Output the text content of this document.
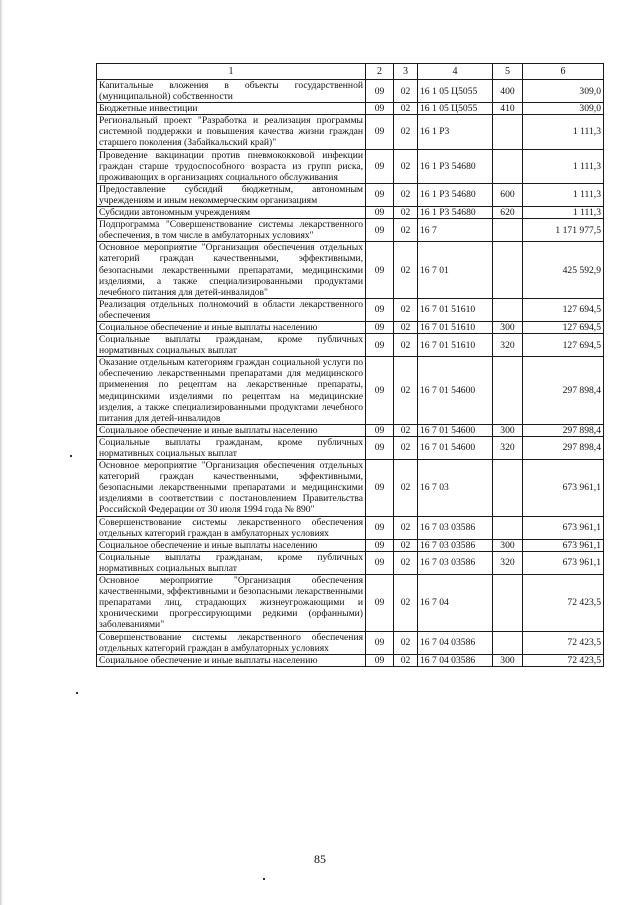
1	2	3	4	5	6
Капитальные вложения в объекты государственной (муниципальной) собственности	09	02	16 1 05 Ц5055	400	309,0
Бюджетные инвестиции	09	02	16 1 05 Ц5055	410	309,0
Региональный проект "Разработка и реализация программы системной поддержки и повышения качества жизни граждан старшего поколения (Забайкальский край)"	09	02	16 1 P3		1 111,3
Проведение вакцинации против пневмококковой инфекции граждан старше трудоспособного возраста из групп риска, проживающих в организациях социального обслуживания	09	02	16 1 P3 54680		1 111,3
Предоставление субсидий бюджетным, автономным учреждениям и иным некоммерческим организациям	09	02	16 1 P3 54680	600	1 111,3
Субсидии автономным учреждениям	09	02	16 1 P3 54680	620	1 111,3
Подпрограмма "Совершенствование системы лекарственного обеспечения, в том числе в амбулаторных условиях"	09	02	16 7		1 171 977,5
Основное мероприятие "Организация обеспечения отдельных категорий граждан качественными, эффективными, безопасными лекарственными препаратами, медицинскими изделиями, а также специализированными продуктами лечебного питания для детей-инвалидов"	09	02	16 7 01		425 592,9
Реализация отдельных полномочий в области лекарственного обеспечения	09	02	16 7 01 51610		127 694,5
Социальное обеспечение и иные выплаты населению	09	02	16 7 01 51610	300	127 694,5
Социальные выплаты гражданам, кроме публичных нормативных социальных выплат	09	02	16 7 01 51610	320	127 694,5
Оказание отдельным категориям граждан социальной услуги по обеспечению лекарственными препаратами для медицинского применения по рецептам на лекарственные препараты, медицинскими изделиями по рецептам на медицинские изделия, а также специализированными продуктами лечебного питания для детей-инвалидов	09	02	16 7 01 54600		297 898,4
Социальное обеспечение и иные выплаты населению	09	02	16 7 01 54600	300	297 898,4
Социальные выплаты гражданам, кроме публичных нормативных социальных выплат	09	02	16 7 01 54600	320	297 898,4
Основное мероприятие "Организация обеспечения отдельных категорий граждан качественными, эффективными, безопасными лекарственными препаратами и медицинскими изделиями в соответствии с постановлением Правительства Российской Федерации от 30 июля 1994 года № 890"	09	02	16 7 03		673 961,1
Совершенствование системы лекарственного обеспечения отдельных категорий граждан в амбулаторных условиях	09	02	16 7 03 03586		673 961,1
Социальное обеспечение и иные выплаты населению	09	02	16 7 03 03586	300	673 961,1
Социальные выплаты гражданам, кроме публичных нормативных социальных выплат	09	02	16 7 03 03586	320	673 961,1
Основное мероприятие "Организация обеспечения качественными, эффективными и безопасными лекарственными препаратами лиц, страдающих жизнеугрожающими и хроническими прогрессирующими редкими (орфанными) заболеваниями"	09	02	16 7 04		72 423,5
Совершенствование системы лекарственного обеспечения отдельных категорий граждан в амбулаторных условиях	09	02	16 7 04 03586		72 423,5
Социальное обеспечение и иные выплаты населению	09	02	16 7 04 03586	300	72 423,5
85
